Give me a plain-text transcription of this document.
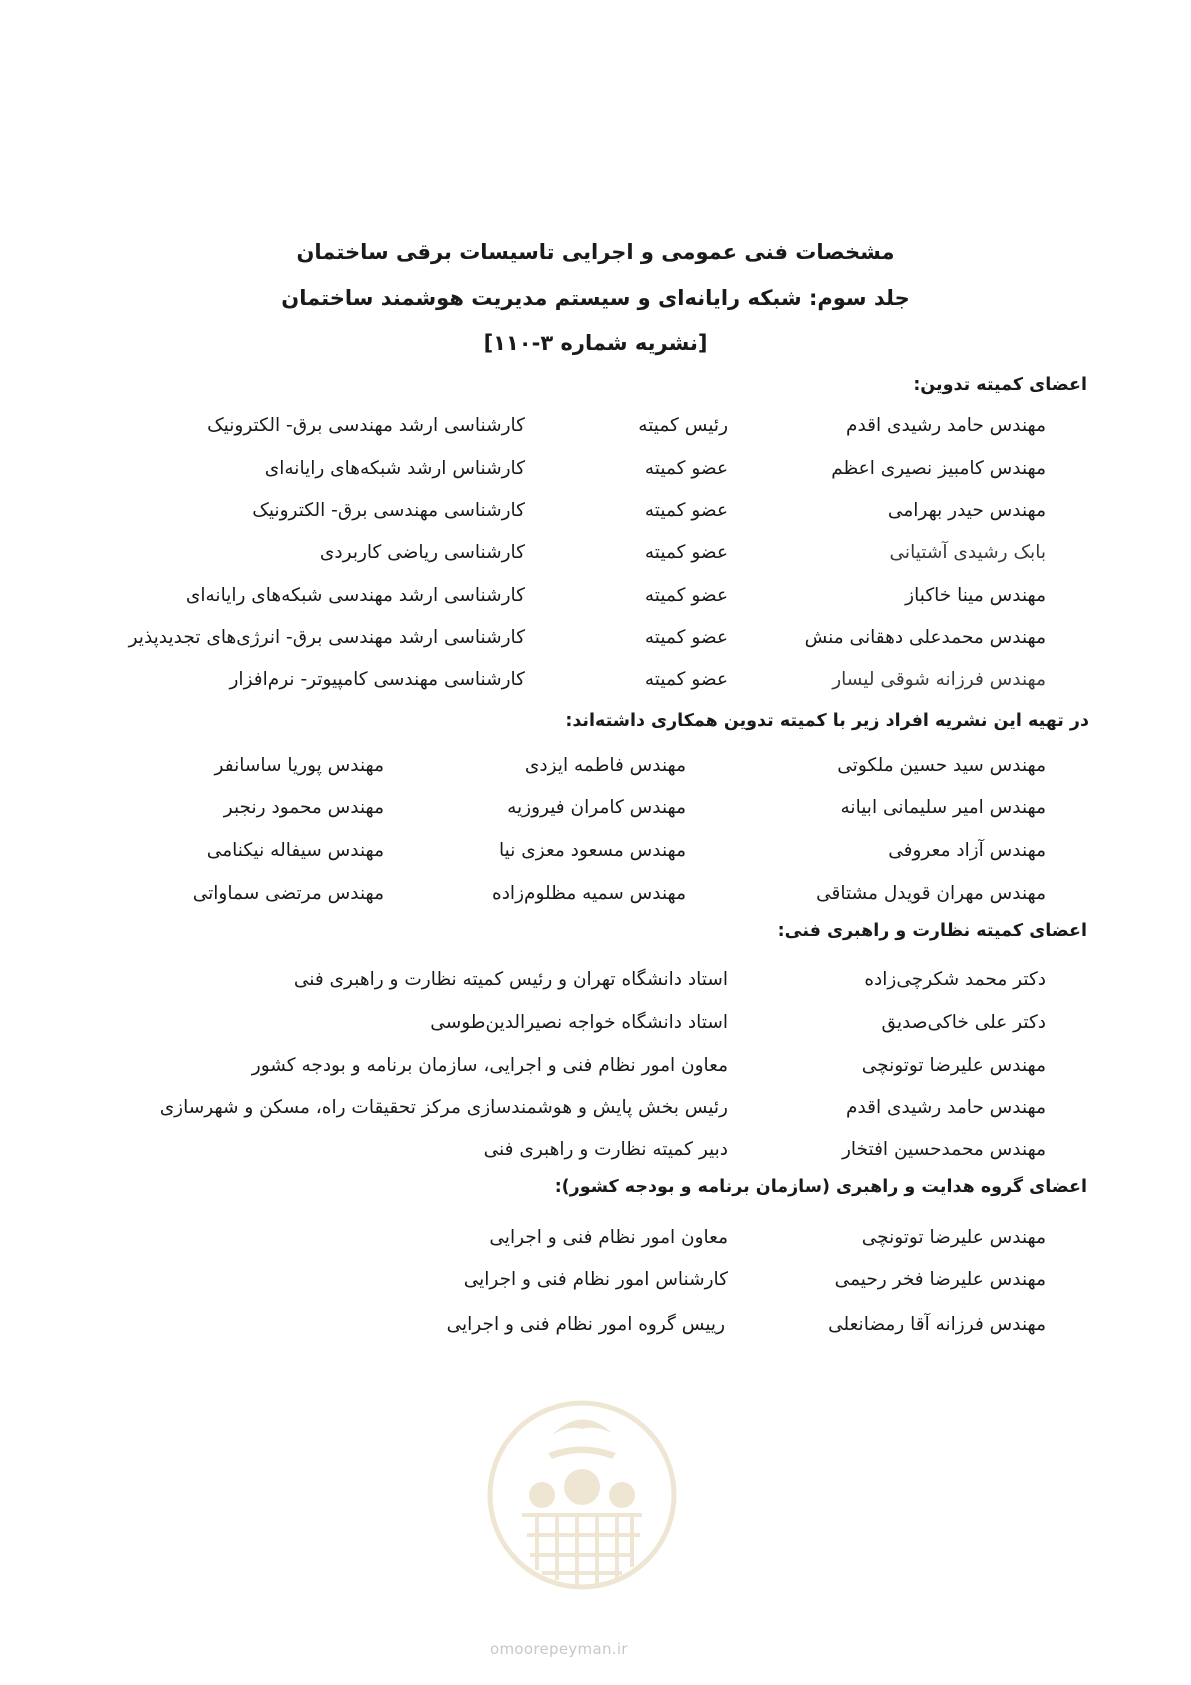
مشخصات فنی عمومی و اجرایی تاسیسات برقی ساختمان
جلد سوم: شبکه رایانه‌ای و سیستم مدیریت هوشمند ساختمان
[نشریه شماره ۳-۱۱۰]
اعضای کمیته تدوین:
مهندس حامد رشیدی اقدم
رئیس کمیته
کارشناسی ارشد مهندسی برق- الکترونیک
مهندس کامبیز نصیری اعظم
عضو کمیته
کارشناس ارشد شبکه‌های رایانه‌ای
مهندس حیدر بهرامی
عضو کمیته
کارشناسی مهندسی برق- الکترونیک
بابک رشیدی آشتیانی
عضو کمیته
کارشناسی ریاضی کاربردی
مهندس مینا خاکباز
عضو کمیته
کارشناسی ارشد مهندسی شبکه‌های رایانه‌ای
مهندس محمدعلی دهقانی منش
عضو کمیته
کارشناسی ارشد مهندسی برق- انرژی‌های تجدیدپذیر
مهندس فرزانه شوقی لیسار
عضو کمیته
کارشناسی مهندسی کامپیوتر- نرم‌افزار
در تهیه این نشریه افراد زیر با کمیته تدوین همکاری داشته‌اند:
مهندس سید حسین ملکوتی
مهندس فاطمه ایزدی
مهندس پوریا ساسانفر
مهندس امیر سلیمانی ابیانه
مهندس کامران فیروزیه
مهندس محمود رنجبر
مهندس آزاد معروفی
مهندس مسعود معزی نیا
مهندس سیفاله نیکنامی
مهندس مهران قویدل مشتاقی
مهندس سمیه مظلوم‌زاده
مهندس مرتضی سماواتی
اعضای کمیته نظارت و راهبری فنی:
دکتر محمد شکرچی‌زاده
استاد دانشگاه تهران و رئیس کمیته نظارت و راهبری فنی
دکتر علی خاکی‌صدیق
استاد دانشگاه خواجه نصیرالدین‌طوسی
مهندس علیرضا توتونچی
معاون امور نظام فنی و اجرایی، سازمان برنامه و بودجه کشور
مهندس حامد رشیدی اقدم
رئیس بخش پایش و هوشمندسازی مرکز تحقیقات راه، مسکن و شهرسازی
مهندس محمدحسین افتخار
دبیر کمیته نظارت و راهبری فنی
اعضای گروه هدایت و راهبری (سازمان برنامه و بودجه کشور):
مهندس علیرضا توتونچی
معاون امور نظام فنی و اجرایی
مهندس علیرضا فخر رحیمی
کارشناس امور نظام فنی و اجرایی
مهندس فرزانه آقا رمضانعلی
رییس گروه امور نظام فنی و اجرایی
omoorepeyman.ir
